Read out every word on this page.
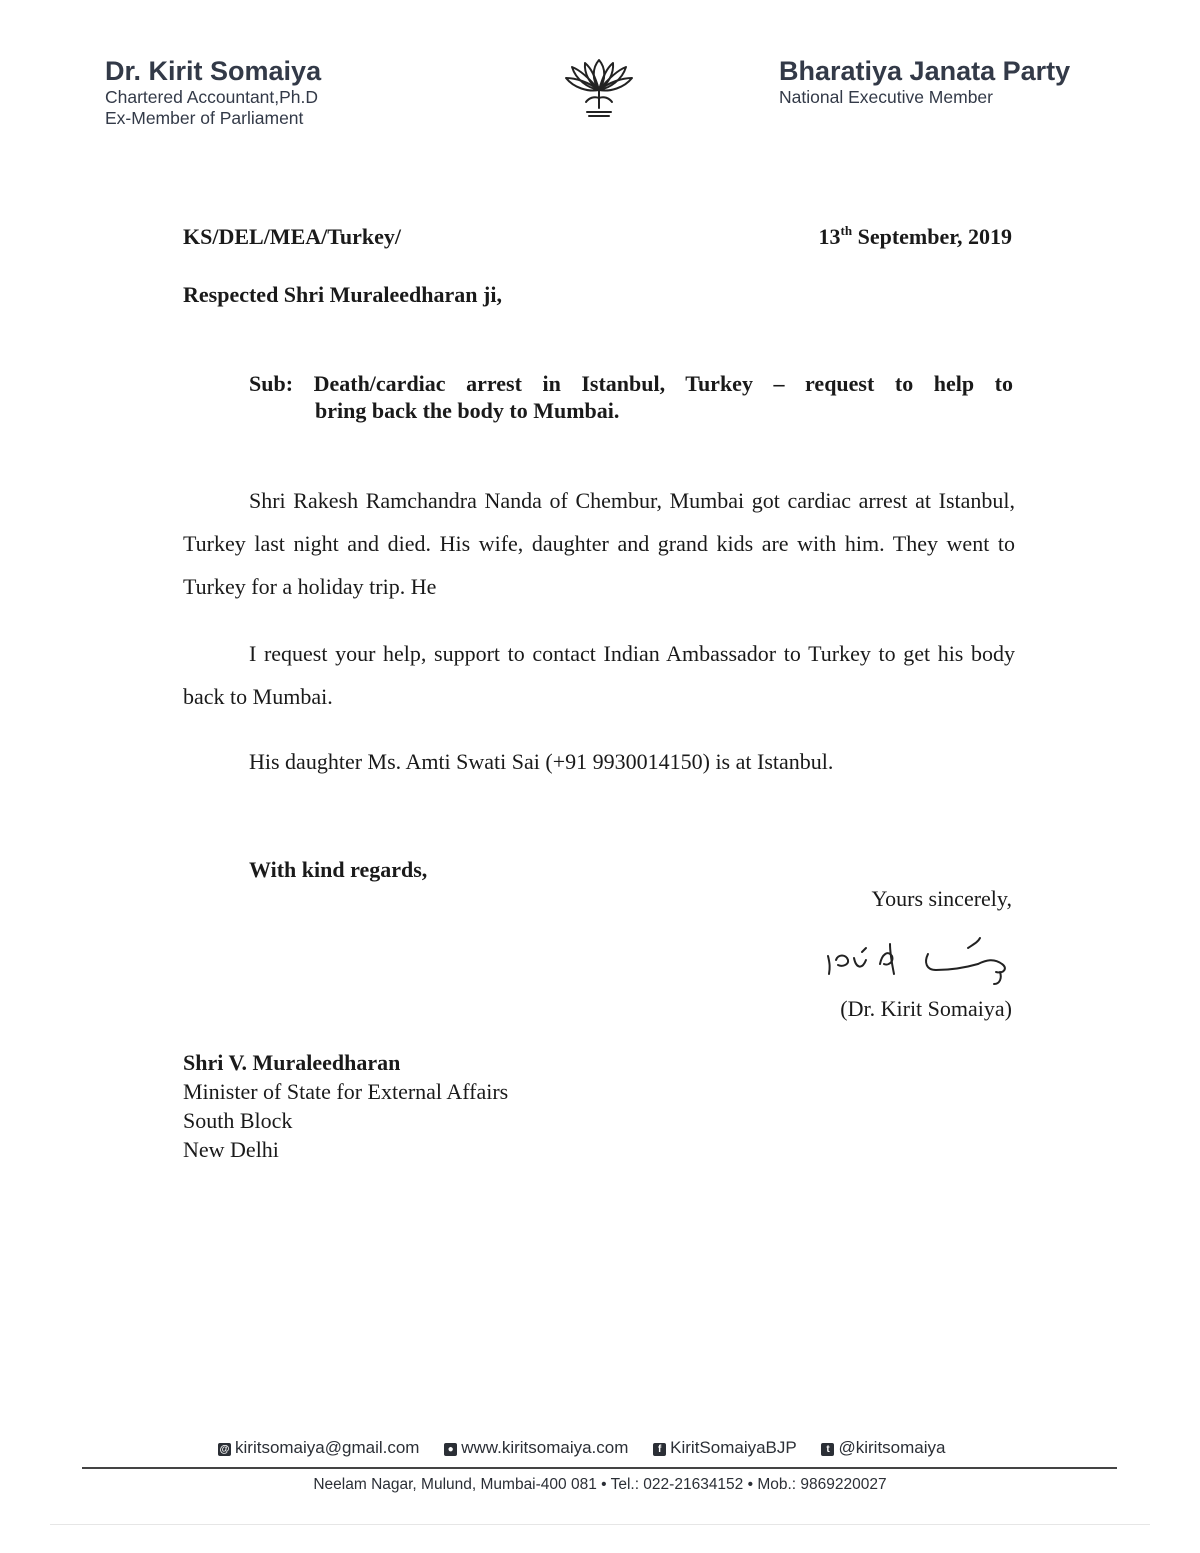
Dr. Kirit Somaiya
Chartered Accountant,Ph.D
Ex-Member of Parliament
Bharatiya Janata Party
National Executive Member
KS/DEL/MEA/Turkey/	13th September, 2019
Respected Shri Muraleedharan ji,
Sub: Death/cardiac arrest in Istanbul, Turkey – request to help to
bring back the body to Mumbai.
Shri Rakesh Ramchandra Nanda of Chembur, Mumbai got cardiac arrest at Istanbul, Turkey last night and died. His wife, daughter and grand kids are with him. They went to Turkey for a holiday trip. He
I request your help, support to contact Indian Ambassador to Turkey to get his body back to Mumbai.
His daughter Ms. Amti Swati Sai (+91 9930014150) is at Istanbul.
With kind regards,
Yours sincerely,
(Dr. Kirit Somaiya)
Shri V. Muraleedharan
Minister of State for External Affairs
South Block
New Delhi
@ kiritsomaiya@gmail.com	● www.kiritsomaiya.com	f KiritSomaiyaBJP	t @kiritsomaiya
Neelam Nagar, Mulund, Mumbai-400 081 • Tel.: 022-21634152 • Mob.: 9869220027
